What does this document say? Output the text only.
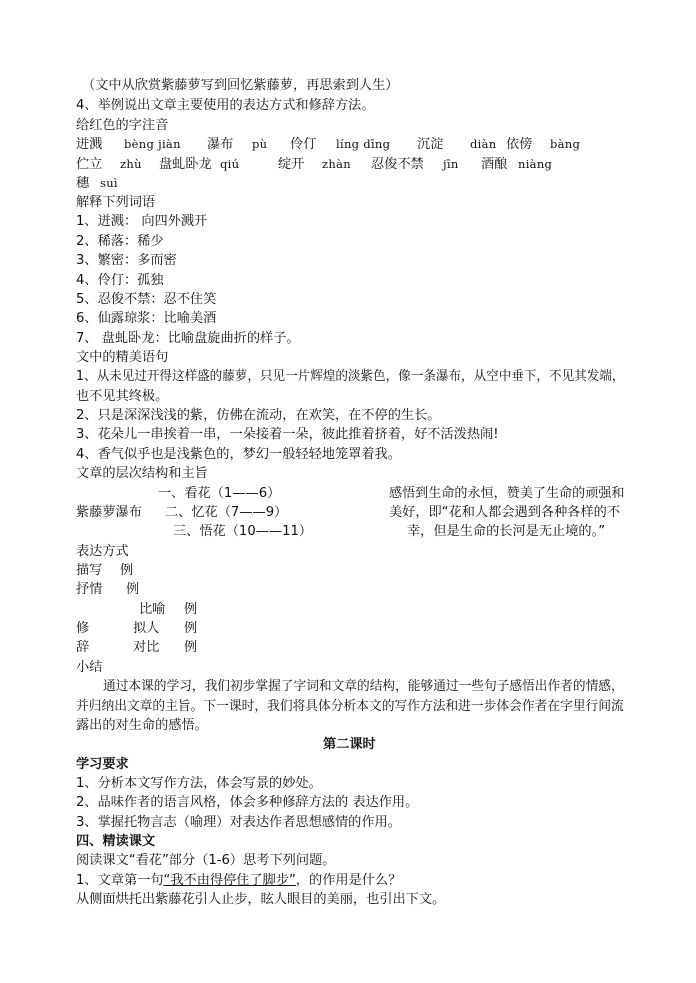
（文中从欣赏紫藤萝写到回忆紫藤萝，再思索到人生）
4、举例说出文章主要使用的表达方式和修辞方法。
给红色的字注音
迸溅 bèng jiàn 瀑布 pù 伶仃 líng dīng 沉淀 diàn 依傍 bàng
伫立 zhù 盘虬卧龙 qiú	绽开 zhàn 忍俊不禁 jīn 酒酿 niàng
穗 suì
解释下列词语
1、迸溅： 向四外溅开
2、稀落：稀少
3、繁密：多而密
4、伶仃：孤独
5、忍俊不禁：忍不住笑
6、仙露琼浆：比喻美酒
7、 盘虬卧龙：比喻盘旋曲折的样子。
文中的精美语句
1、从未见过开得这样盛的藤萝，只见一片辉煌的淡紫色，像一条瀑布，从空中垂下，不见其发端，
也不见其终极。
2、只是深深浅浅的紫，仿佛在流动，在欢笑，在不停的生长。
3、花朵儿一串挨着一串，一朵接着一朵，彼此推着挤着，好不活泼热闹!
4、香气似乎也是浅紫色的，梦幻一般轻轻地笼罩着我。
文章的层次结构和主旨
一、看花（1——6）	感悟到生命的永恒，赞美了生命的顽强和
紫藤萝瀑布 二、忆花（7——9）	美好，即“花和人都会遇到各种各样的不
三、悟花（10——11）	幸，但是生命的长河是无止境的。”
表达方式
描写 例
抒情 例
比喻 例
修	拟人 例
辞	对比 例
小结
通过本课的学习，我们初步掌握了字词和文章的结构，能够通过一些句子感悟出作者的情感，
并归纳出文章的主旨。下一课时，我们将具体分析本文的写作方法和进一步体会作者在字里行间流
露出的对生命的感悟。
第二课时
学习要求
1、分析本文写作方法，体会写景的妙处。
2、品味作者的语言风格，体会多种修辞方法的 表达作用。
3、掌握托物言志（喻理）对表达作者思想感情的作用。
四、精读课文
阅读课文“看花”部分（1-6）思考下列问题。
1、文章第一句“我不由得停住了脚步”，的作用是什么？
从侧面烘托出紫藤花引人止步，眩人眼目的美丽，也引出下文。
